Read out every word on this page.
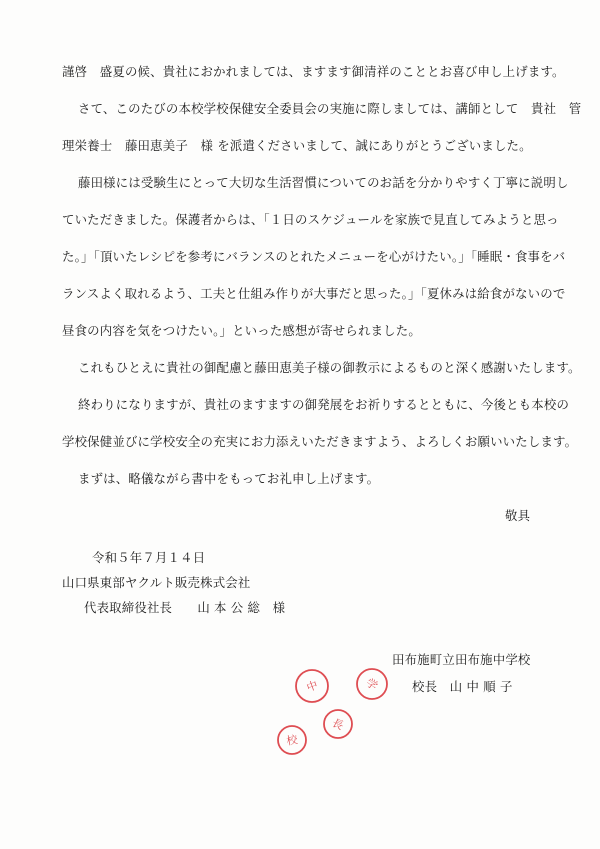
謹啓　盛夏の候、貴社におかれましては、ますます御清祥のこととお喜び申し上げます。
さて、このたびの本校学校保健安全委員会の実施に際しましては、講師として　貴社　管
理栄養士　藤田恵美子　様 を派遣くださいまして、誠にありがとうございました。
藤田様には受験生にとって大切な生活習慣についてのお話を分かりやすく丁寧に説明し
ていただきました。保護者からは、「１日のスケジュールを家族で見直してみようと思っ
た。」「頂いたレシピを参考にバランスのとれたメニューを心がけたい。」「睡眠・食事をバ
ランスよく取れるよう、工夫と仕組み作りが大事だと思った。」「夏休みは給食がないので
昼食の内容を気をつけたい。」といった感想が寄せられました。
これもひとえに貴社の御配慮と藤田恵美子様の御教示によるものと深く感謝いたします。
終わりになりますが、貴社のますますの御発展をお祈りするとともに、今後とも本校の
学校保健並びに学校安全の充実にお力添えいただきますよう、よろしくお願いいたします。
まずは、略儀ながら書中をもってお礼申し上げます。
敬具
令和５年７月１４日
山口県東部ヤクルト販売株式会社
代表取締役社長　　山 本 公 総　様
田布施町立田布施中学校
校長　山 中 順 子
中
長
学
校
